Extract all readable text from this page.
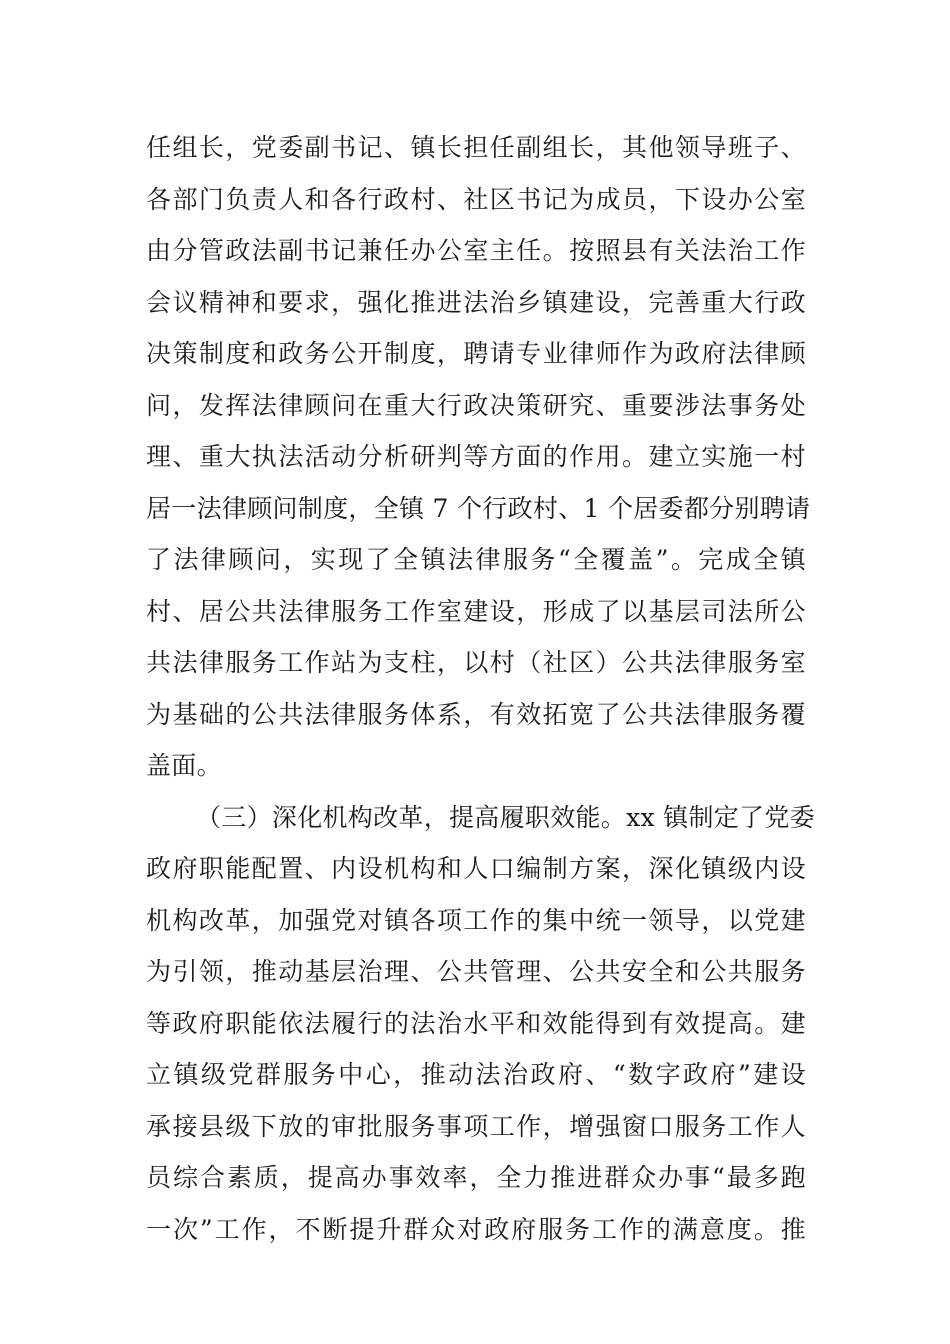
任组长，党委副书记、镇长担任副组长，其他领导班子、
各部门负责人和各行政村、社区书记为成员，下设办公室
由分管政法副书记兼任办公室主任。按照县有关法治工作
会议精神和要求，强化推进法治乡镇建设，完善重大行政
决策制度和政务公开制度，聘请专业律师作为政府法律顾
问，发挥法律顾问在重大行政决策研究、重要涉法事务处
理、重大执法活动分析研判等方面的作用。建立实施一村
居一法律顾问制度，全镇 7 个行政村、1 个居委都分别聘请
了法律顾问，实现了全镇法律服务“全覆盖”。完成全镇
村、居公共法律服务工作室建设，形成了以基层司法所公
共法律服务工作站为支柱，以村（社区）公共法律服务室
为基础的公共法律服务体系，有效拓宽了公共法律服务覆
盖面。
（三）深化机构改革，提高履职效能。xx 镇制定了党委
政府职能配置、内设机构和人口编制方案，深化镇级内设
机构改革，加强党对镇各项工作的集中统一领导，以党建
为引领，推动基层治理、公共管理、公共安全和公共服务
等政府职能依法履行的法治水平和效能得到有效提高。建
立镇级党群服务中心，推动法治政府、“数字政府”建设
承接县级下放的审批服务事项工作，增强窗口服务工作人
员综合素质，提高办事效率，全力推进群众办事“最多跑
一次”工作，不断提升群众对政府服务工作的满意度。推
